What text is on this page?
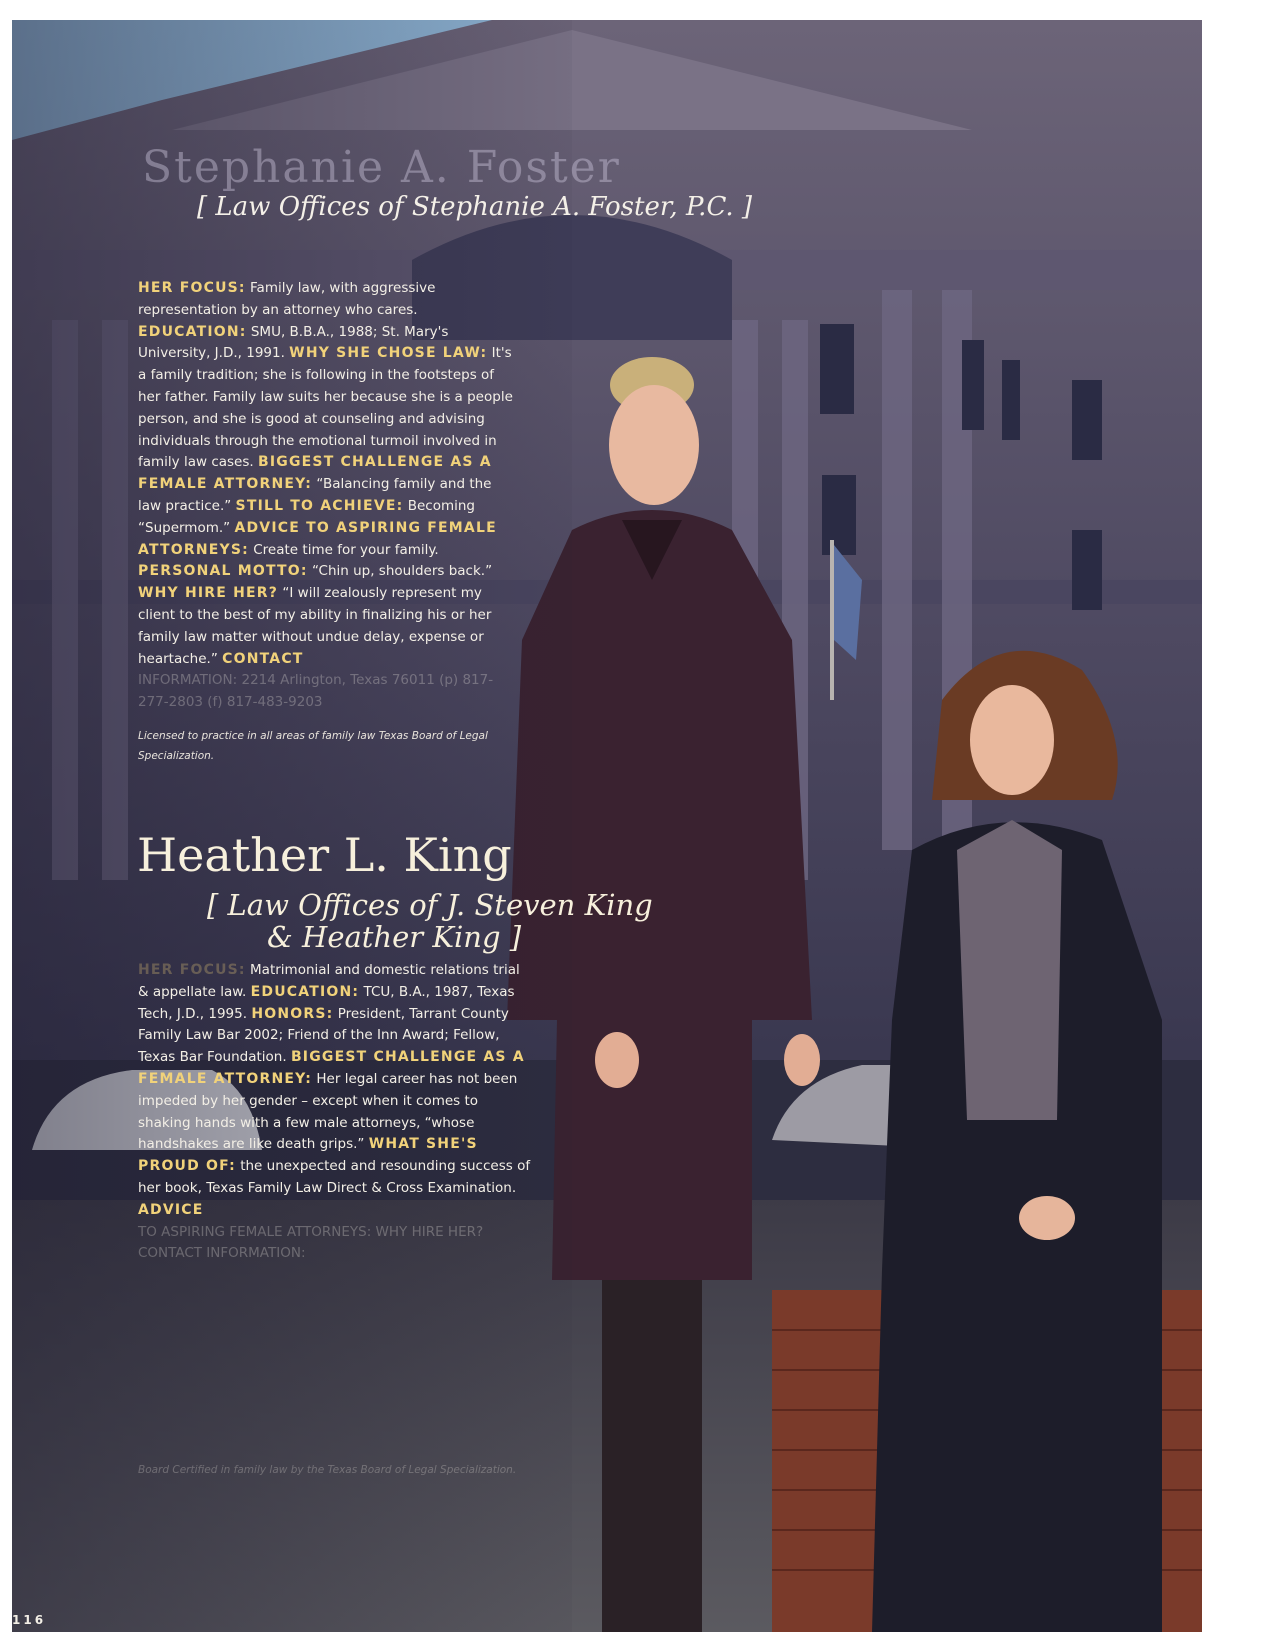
Stephanie A. Foster
[ Law Offices of Stephanie A. Foster, P.C. ]
HER FOCUS: Family law, with aggressive representation by an attorney who cares. EDUCATION: SMU, B.B.A., 1988; St. Mary's University, J.D., 1991. WHY SHE CHOSE LAW: It's a family tradition; she is following in the footsteps of her father. Family law suits her because she is a people person, and she is good at counseling and advising individuals through the emotional turmoil involved in family law cases. BIGGEST CHALLENGE AS A FEMALE ATTORNEY: “Balancing family and the law practice.” STILL TO ACHIEVE: Becoming “Supermom.” ADVICE TO ASPIRING FEMALE ATTORNEYS: Create time for your family. PERSONAL MOTTO: “Chin up, shoulders back.” WHY HIRE HER? “I will zealously represent my client to the best of my ability in finalizing his or her family law matter without undue delay, expense or heartache.” CONTACT
INFORMATION: 2214 Arlington, Texas 76011 (p) 817-277-2803 (f) 817-483-9203
Licensed to practice in all areas of family law Texas Board of Legal Specialization.
Heather L. King
[ Law Offices of J. Steven King
& Heather King ]
HER FOCUS: Matrimonial and domestic relations trial & appellate law. EDUCATION: TCU, B.A., 1987, Texas Tech, J.D., 1995. HONORS: President, Tarrant County Family Law Bar 2002; Friend of the Inn Award; Fellow, Texas Bar Foundation. BIGGEST CHALLENGE AS A FEMALE ATTORNEY: Her legal career has not been impeded by her gender – except when it comes to shaking hands with a few male attorneys, “whose handshakes are like death grips.” WHAT SHE'S PROUD OF: the unexpected and resounding success of her book, Texas Family Law Direct & Cross Examination. ADVICE
TO ASPIRING FEMALE ATTORNEYS: WHY HIRE HER? CONTACT INFORMATION:
Board Certified in family law by the Texas Board of Legal Specialization.
116
